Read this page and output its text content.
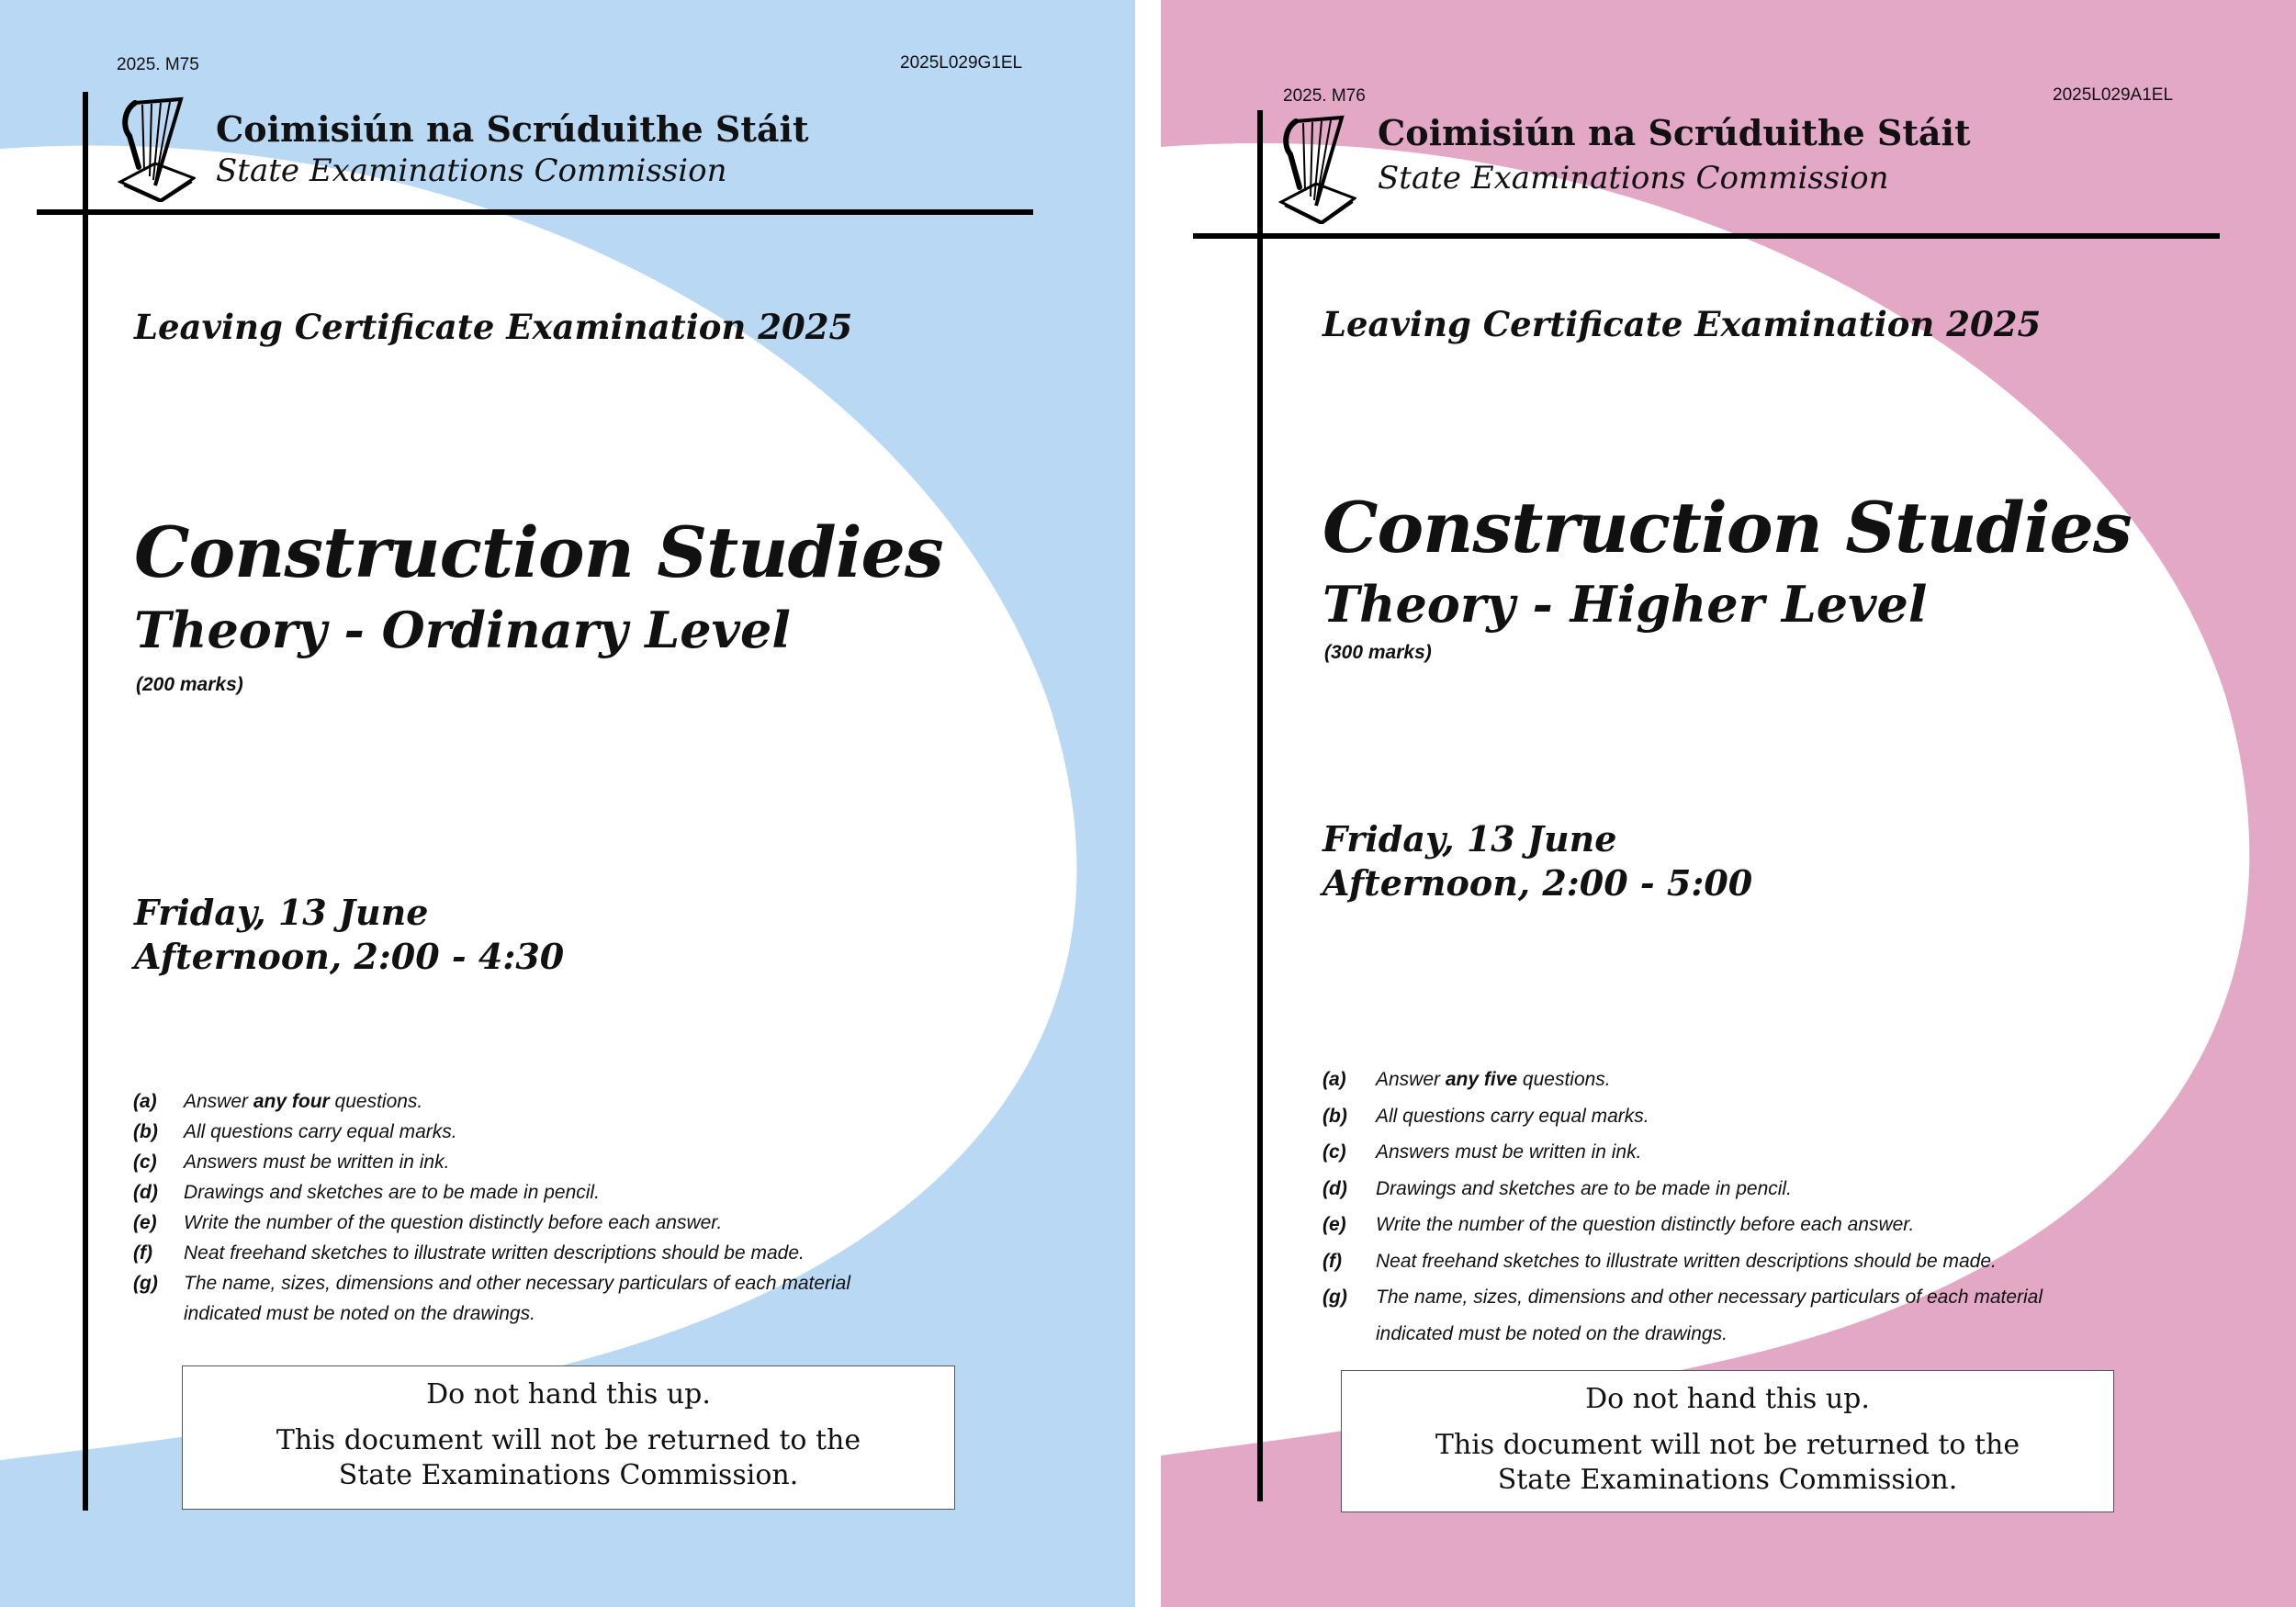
2025. M75	2025L029G1EL
Coimisiún na Scrúduithe Stáit
State Examinations Commission
Leaving Certificate Examination 2025
Construction Studies
Theory - Ordinary Level
(200 marks)
Friday, 13 June
Afternoon, 2:00 - 4:30
(a) Answer any four questions.
(b) All questions carry equal marks.
(c) Answers must be written in ink.
(d) Drawings and sketches are to be made in pencil.
(e) Write the number of the question distinctly before each answer.
(f) Neat freehand sketches to illustrate written descriptions should be made.
(g) The name, sizes, dimensions and other necessary particulars of each material
indicated must be noted on the drawings.
Do not hand this up.
This document will not be returned to the
State Examinations Commission.
2025. M76	2025L029A1EL
Coimisiún na Scrúduithe Stáit
State Examinations Commission
Leaving Certificate Examination 2025
Construction Studies
Theory - Higher Level
(300 marks)
Friday, 13 June
Afternoon, 2:00 - 5:00
(a) Answer any five questions.
(b) All questions carry equal marks.
(c) Answers must be written in ink.
(d) Drawings and sketches are to be made in pencil.
(e) Write the number of the question distinctly before each answer.
(f) Neat freehand sketches to illustrate written descriptions should be made.
(g) The name, sizes, dimensions and other necessary particulars of each material
indicated must be noted on the drawings.
Do not hand this up.
This document will not be returned to the
State Examinations Commission.
